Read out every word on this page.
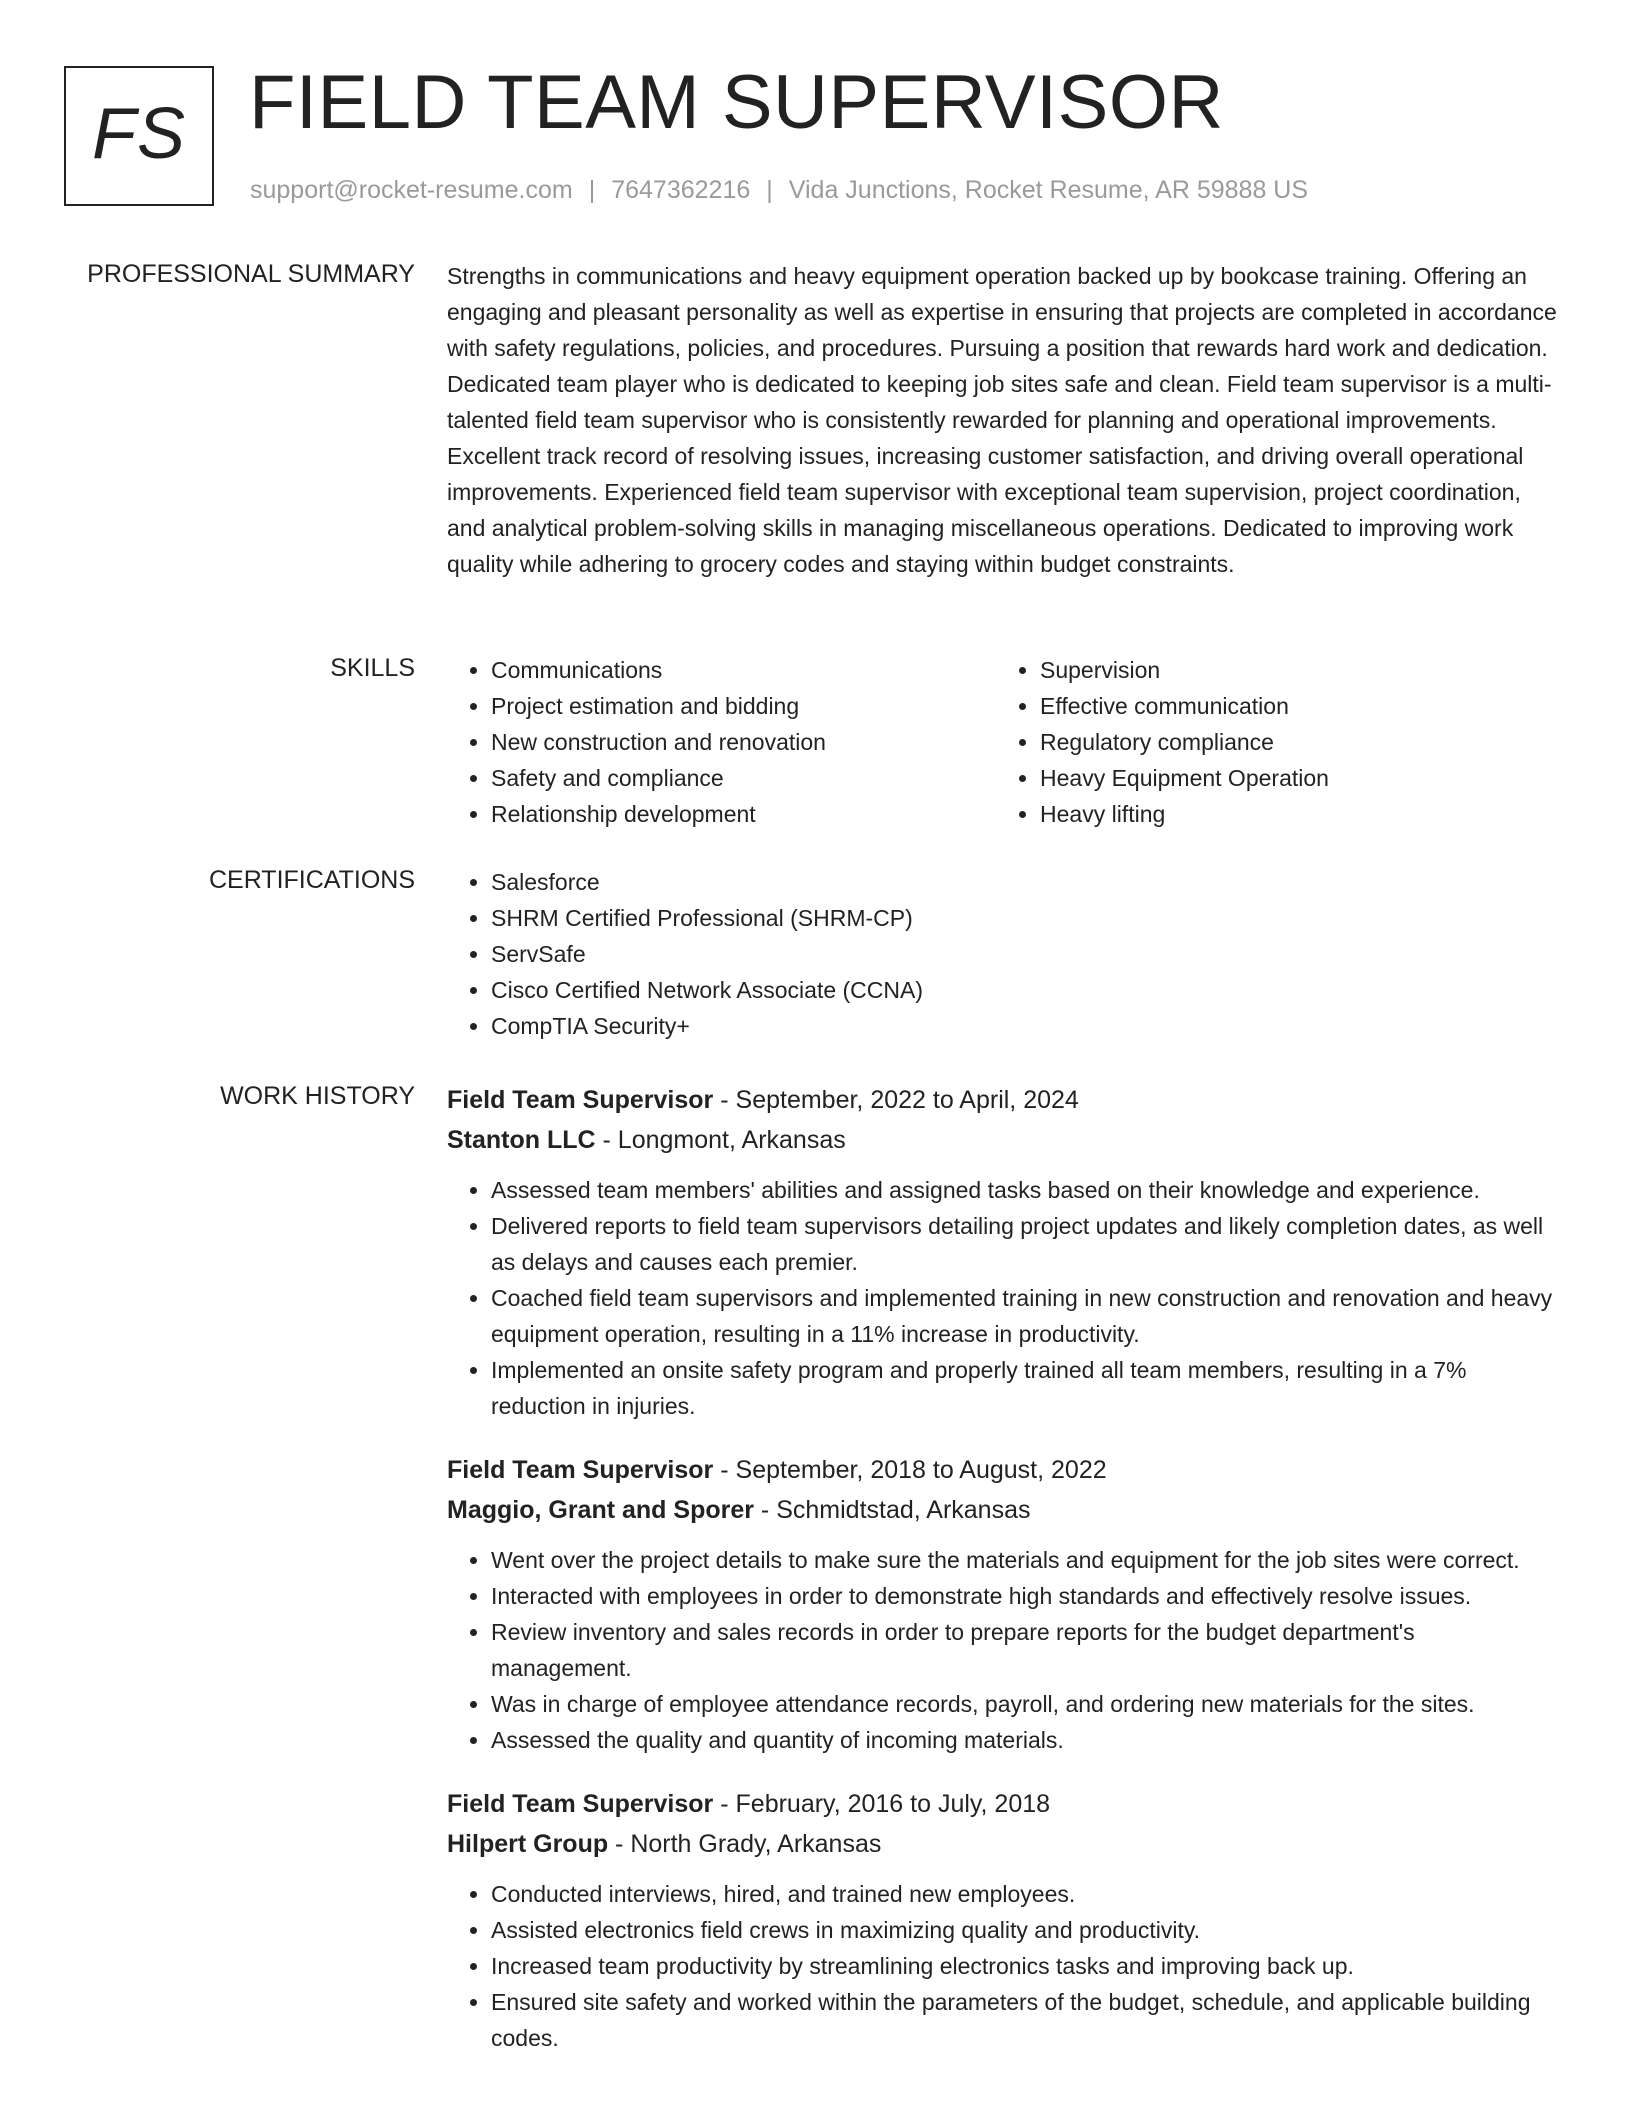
FS FIELD TEAM SUPERVISOR
support@rocket-resume.com | 7647362216 | Vida Junctions, Rocket Resume, AR 59888 US
PROFESSIONAL SUMMARY Strengths in communications and heavy equipment operation backed up by bookcase training. Offering an engaging and pleasant personality as well as expertise in ensuring that projects are completed in accordance with safety regulations, policies, and procedures. Pursuing a position that rewards hard work and dedication. Dedicated team player who is dedicated to keeping job sites safe and clean. Field team supervisor is a multi-talented field team supervisor who is consistently rewarded for planning and operational improvements. Excellent track record of resolving issues, increasing customer satisfaction, and driving overall operational improvements. Experienced field team supervisor with exceptional team supervision, project coordination, and analytical problem-solving skills in managing miscellaneous operations. Dedicated to improving work quality while adhering to grocery codes and staying within budget constraints.

SKILLS	• Communications
• Project estimation and bidding
• New construction and renovation
• Safety and compliance
• Relationship development
• Supervision
• Effective communication
• Regulatory compliance
• Heavy Equipment Operation
• Heavy lifting
CERTIFICATIONS	• Salesforce
• SHRM Certified Professional (SHRM-CP)
• ServSafe
• Cisco Certified Network Associate (CCNA)
• CompTIA Security+
WORK HISTORY Field Team Supervisor - September, 2022 to April, 2024
Stanton LLC - Longmont, Arkansas
• Assessed team members' abilities and assigned tasks based on their knowledge and experience.
• Delivered reports to field team supervisors detailing project updates and likely completion dates, as well as delays and causes each premier.
• Coached field team supervisors and implemented training in new construction and renovation and heavy equipment operation, resulting in a 11% increase in productivity.
• Implemented an onsite safety program and properly trained all team members, resulting in a 7% reduction in injuries.
Field Team Supervisor - September, 2018 to August, 2022
Maggio, Grant and Sporer - Schmidtstad, Arkansas
• Went over the project details to make sure the materials and equipment for the job sites were correct.
• Interacted with employees in order to demonstrate high standards and effectively resolve issues.
• Review inventory and sales records in order to prepare reports for the budget department's management.
• Was in charge of employee attendance records, payroll, and ordering new materials for the sites.
• Assessed the quality and quantity of incoming materials.
Field Team Supervisor - February, 2016 to July, 2018
Hilpert Group - North Grady, Arkansas
• Conducted interviews, hired, and trained new employees.
• Assisted electronics field crews in maximizing quality and productivity.
• Increased team productivity by streamlining electronics tasks and improving back up.
• Ensured site safety and worked within the parameters of the budget, schedule, and applicable building codes.
